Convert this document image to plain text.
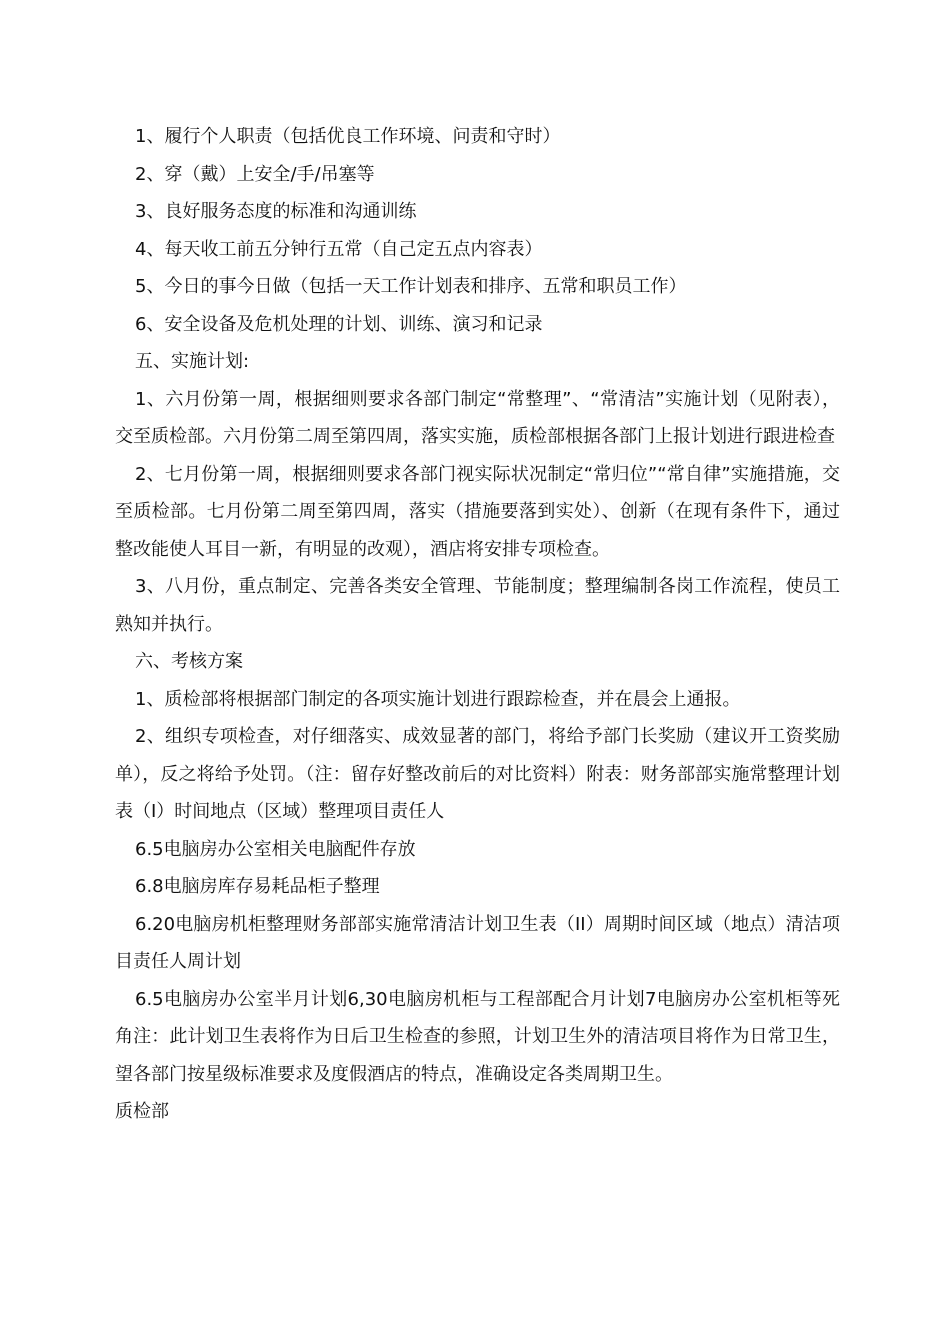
1、履行个人职责（包括优良工作环境、问责和守时）

2、穿（戴）上安全/手/吊塞等

3、良好服务态度的标准和沟通训练

4、每天收工前五分钟行五常（自己定五点内容表）

5、今日的事今日做（包括一天工作计划表和排序、五常和职员工作）

6、安全设备及危机处理的计划、训练、演习和记录

五、实施计划:

1、六月份第一周，根据细则要求各部门制定“常整理”、“常清洁”实施计划（见附表），交至质检部。六月份第二周至第四周，落实实施，质检部根据各部门上报计划进行跟进检查

2、七月份第一周，根据细则要求各部门视实际状况制定“常归位”“常自律”实施措施，交至质检部。七月份第二周至第四周，落实（措施要落到实处）、创新（在现有条件下，通过整改能使人耳目一新，有明显的改观），酒店将安排专项检查。

3、八月份，重点制定、完善各类安全管理、节能制度；整理编制各岗工作流程，使员工熟知并执行。

六、考核方案

1、质检部将根据部门制定的各项实施计划进行跟踪检查，并在晨会上通报。

2、组织专项检查，对仔细落实、成效显著的部门，将给予部门长奖励（建议开工资奖励单），反之将给予处罚。（注：留存好整改前后的对比资料）附表：财务部部实施常整理计划表（I）时间地点（区域）整理项目责任人

6.5电脑房办公室相关电脑配件存放

6.8电脑房库存易耗品柜子整理

6.20电脑房机柜整理财务部部实施常清洁计划卫生表（II）周期时间区域（地点）清洁项目责任人周计划

6.5电脑房办公室半月计划6,30电脑房机柜与工程部配合月计划7电脑房办公室机柜等死角注：此计划卫生表将作为日后卫生检查的参照，计划卫生外的清洁项目将作为日常卫生，望各部门按星级标准要求及度假酒店的特点，准确设定各类周期卫生。

质检部
